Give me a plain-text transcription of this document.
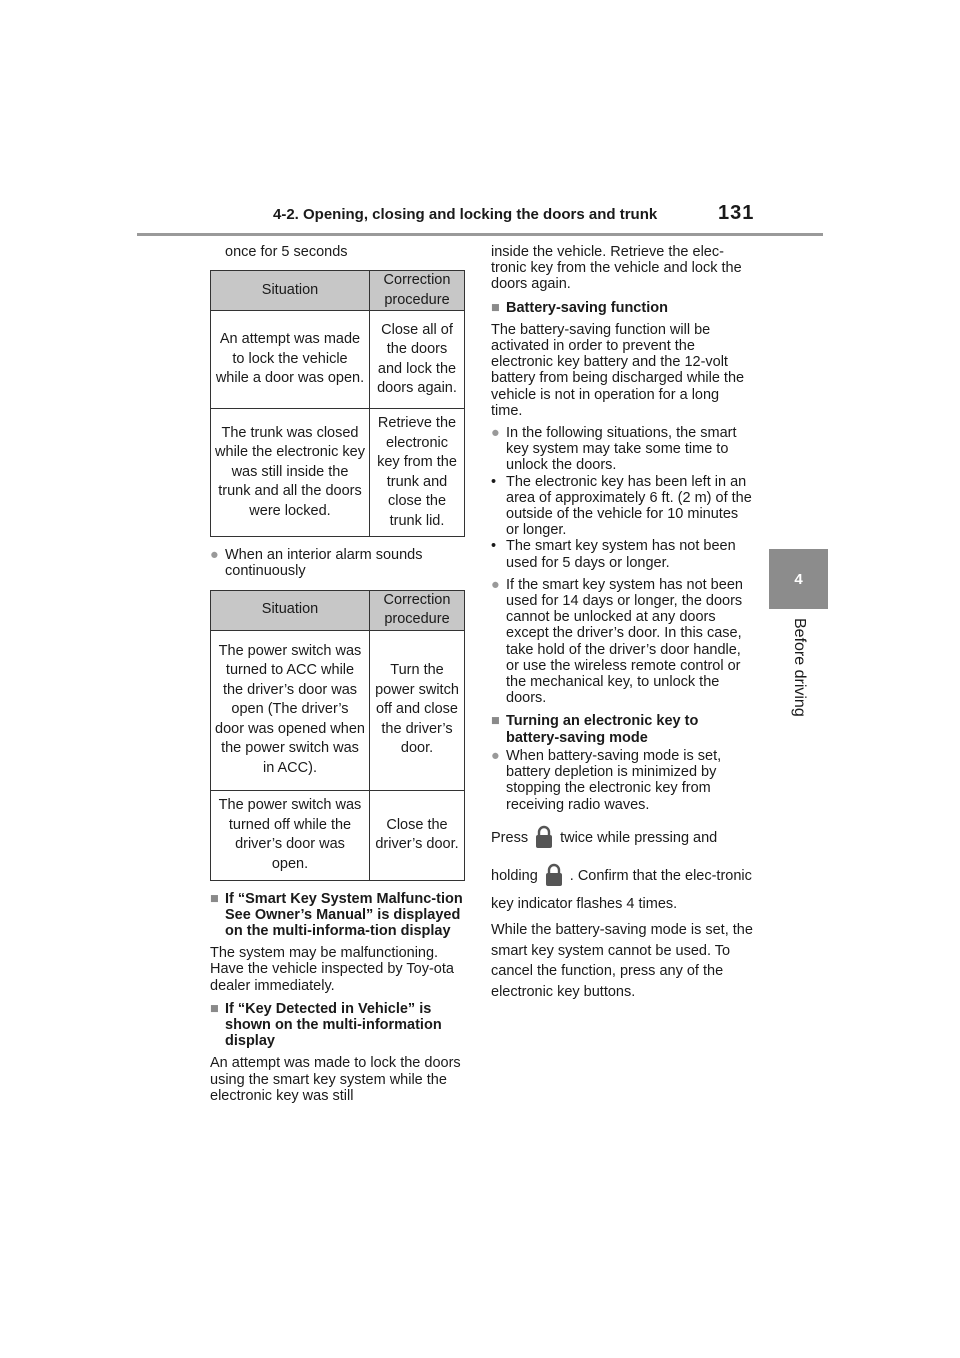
4-2. Opening, closing and locking the doors and trunk	131
4
Before driving

once for 5 seconds

Situation	Correction procedure
An attempt was made to lock the vehicle while a door was open.	Close all of the doors and lock the doors again.
The trunk was closed while the electronic key was still inside the trunk and all the doors were locked.	Retrieve the electronic key from the trunk and close the trunk lid.

● When an interior alarm sounds continuously

Situation	Correction procedure
The power switch was turned to ACC while the driver’s door was open (The driver’s door was opened when the power switch was in ACC).	Turn the power switch off and close the driver’s door.
The power switch was turned off while the driver’s door was open.	Close the driver’s door.

■ If “Smart Key System Malfunc-tion See Owner’s Manual” is displayed on the multi-informa-tion display

The system may be malfunctioning. Have the vehicle inspected by Toy-ota dealer immediately.

■ If “Key Detected in Vehicle” is shown on the multi-information display

An attempt was made to lock the doors using the smart key system while the electronic key was still

inside the vehicle. Retrieve the elec-tronic key from the vehicle and lock the doors again.

■ Battery-saving function

The battery-saving function will be activated in order to prevent the electronic key battery and the 12-volt battery from being discharged while the vehicle is not in operation for a long time.

● In the following situations, the smart key system may take some time to unlock the doors.

• The electronic key has been left in an area of approximately 6 ft. (2 m) of the outside of the vehicle for 10 minutes or longer.

• The smart key system has not been used for 5 days or longer.

● If the smart key system has not been used for 14 days or longer, the doors cannot be unlocked at any doors except the driver’s door. In this case, take hold of the driver’s door handle, or use the wireless remote control or the mechanical key, to unlock the doors.

■ Turning an electronic key to battery-saving mode

● When battery-saving mode is set, battery depletion is minimized by stopping the electronic key from receiving radio waves.

Press twice while pressing and
holding . Confirm that the elec-tronic key indicator flashes 4 times.

While the battery-saving mode is set, the smart key system cannot be used. To cancel the function, press any of the electronic key buttons.
